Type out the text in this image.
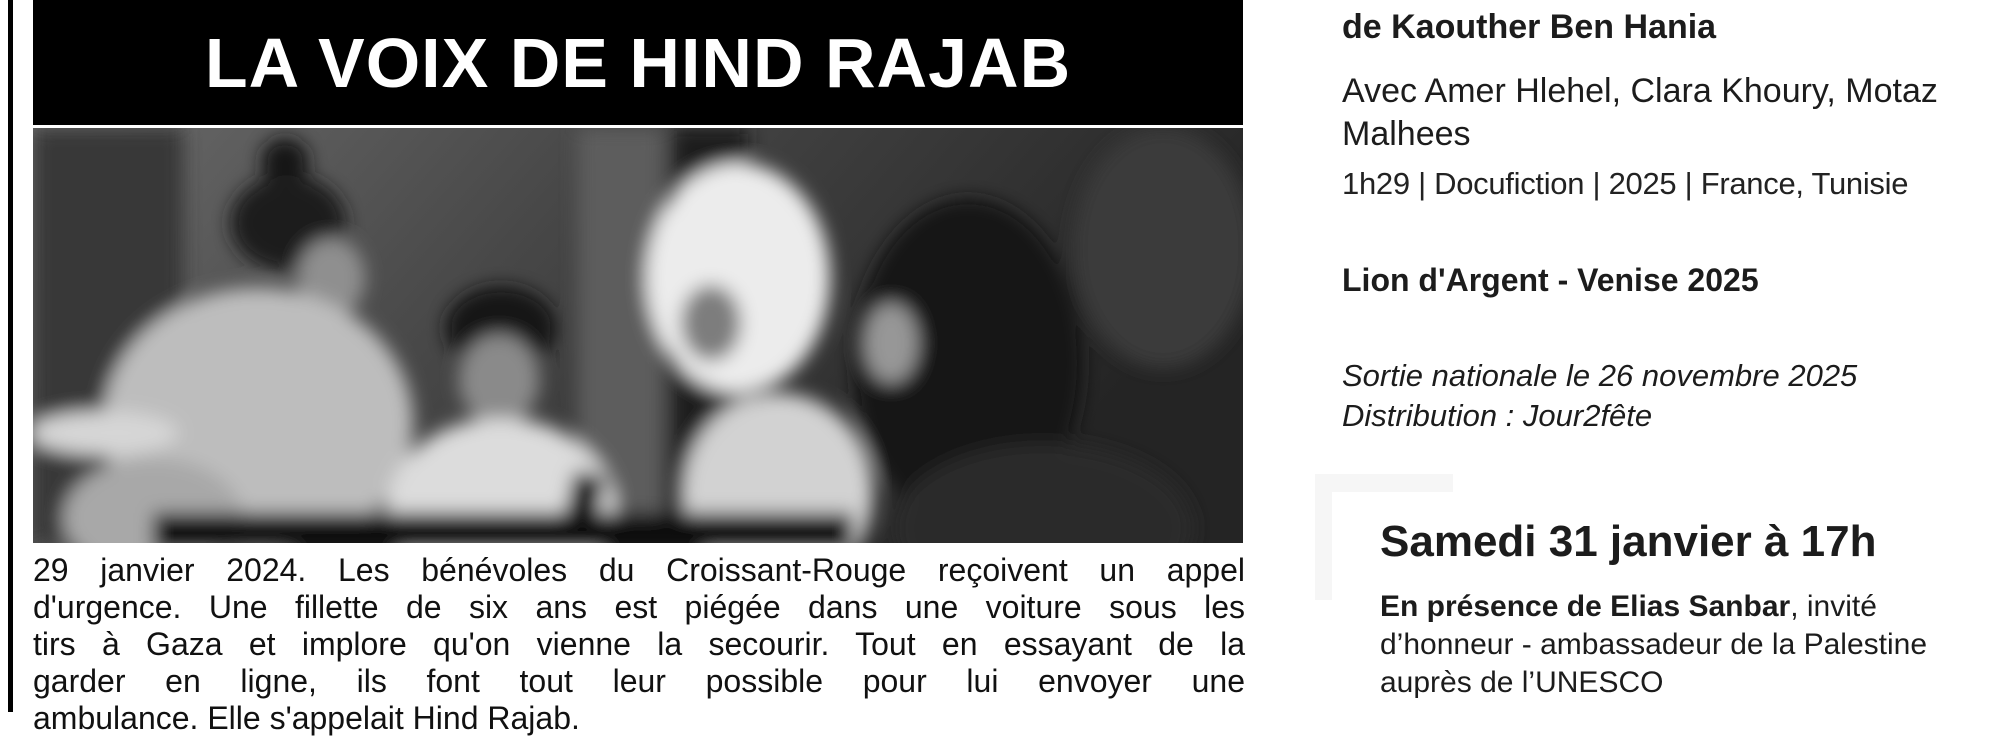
LA VOIX DE HIND RAJAB
29 janvier 2024. Les bénévoles du Croissant-Rouge reçoivent un appel
d'urgence. Une fillette de six ans est piégée dans une voiture sous les
tirs à Gaza et implore qu'on vienne la secourir. Tout en essayant de la
garder en ligne, ils font tout leur possible pour lui envoyer une
ambulance. Elle s'appelait Hind Rajab.
de Kaouther Ben Hania
Avec Amer Hlehel, Clara Khoury, Motaz
Malhees
1h29 | Docufiction | 2025 | France, Tunisie
Lion d'Argent - Venise 2025
Sortie nationale le 26 novembre 2025
Distribution : Jour2fête
Samedi 31 janvier à 17h
En présence de Elias Sanbar, invité
d’honneur - ambassadeur de la Palestine
auprès de l’UNESCO
